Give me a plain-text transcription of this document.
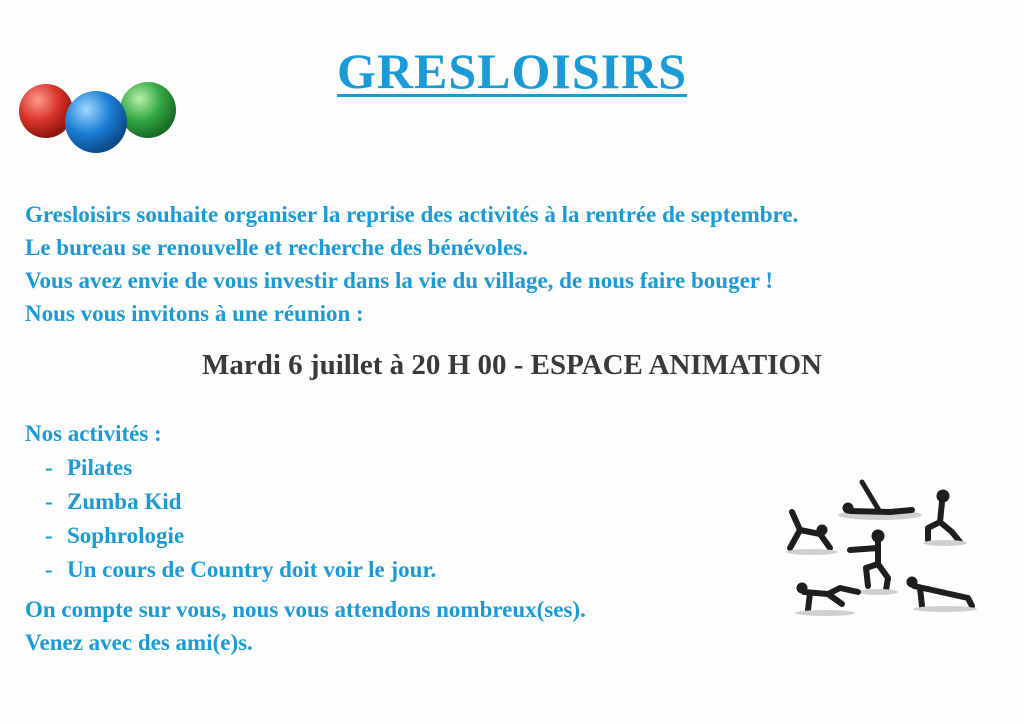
GRESLOISIRS
Gresloisirs souhaite organiser la reprise des activités à la rentrée de septembre.
Le bureau se renouvelle et recherche des bénévoles.
Vous avez envie de vous investir dans la vie du village, de nous faire bouger !
Nous vous invitons à une réunion :
Mardi 6 juillet à 20 H 00 - ESPACE ANIMATION
Nos activités :
- Pilates
- Zumba Kid
- Sophrologie
- Un cours de Country doit voir le jour.
On compte sur vous, nous vous attendons nombreux(ses).
Venez avec des ami(e)s.
